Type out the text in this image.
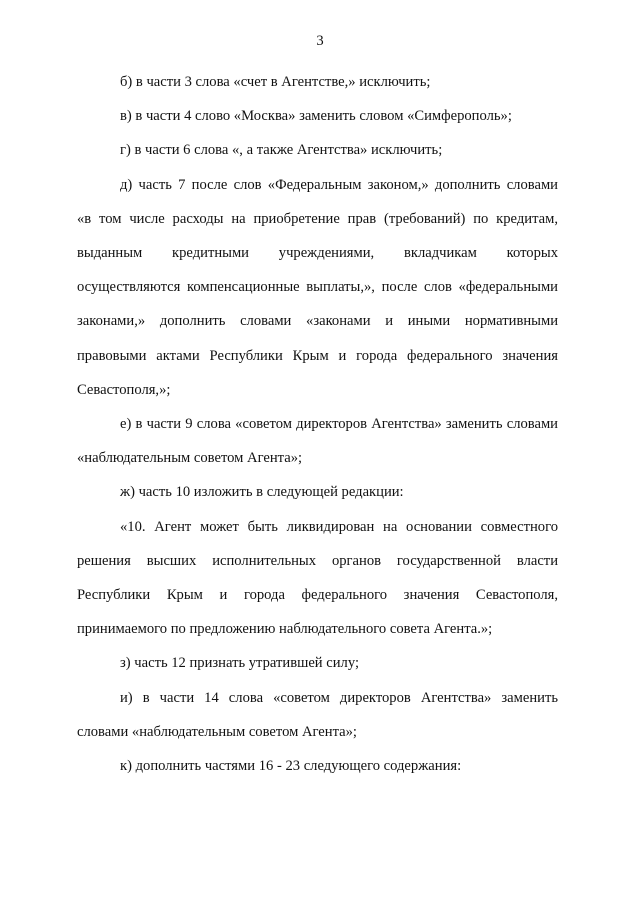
3
б) в части 3 слова «счет в Агентстве,» исключить;
в) в части 4 слово «Москва» заменить словом «Симферополь»;
г) в части 6 слова «, а также Агентства» исключить;
д) часть 7 после слов «Федеральным законом,» дополнить словами
«в том числе расходы на приобретение прав (требований) по кредитам,
выданным кредитными учреждениями, вкладчикам которых
осуществляются компенсационные выплаты,», после слов «федеральными
законами,» дополнить словами «законами и иными нормативными
правовыми актами Республики Крым и города федерального значения
Севастополя,»;
е) в части 9 слова «советом директоров Агентства» заменить словами
«наблюдательным советом Агента»;
ж) часть 10 изложить в следующей редакции:
«10. Агент может быть ликвидирован на основании совместного
решения высших исполнительных органов государственной власти
Республики Крым и города федерального значения Севастополя,
принимаемого по предложению наблюдательного совета Агента.»;
з) часть 12 признать утратившей силу;
и) в части 14 слова «советом директоров Агентства» заменить
словами «наблюдательным советом Агента»;
к) дополнить частями 16 - 23 следующего содержания:
